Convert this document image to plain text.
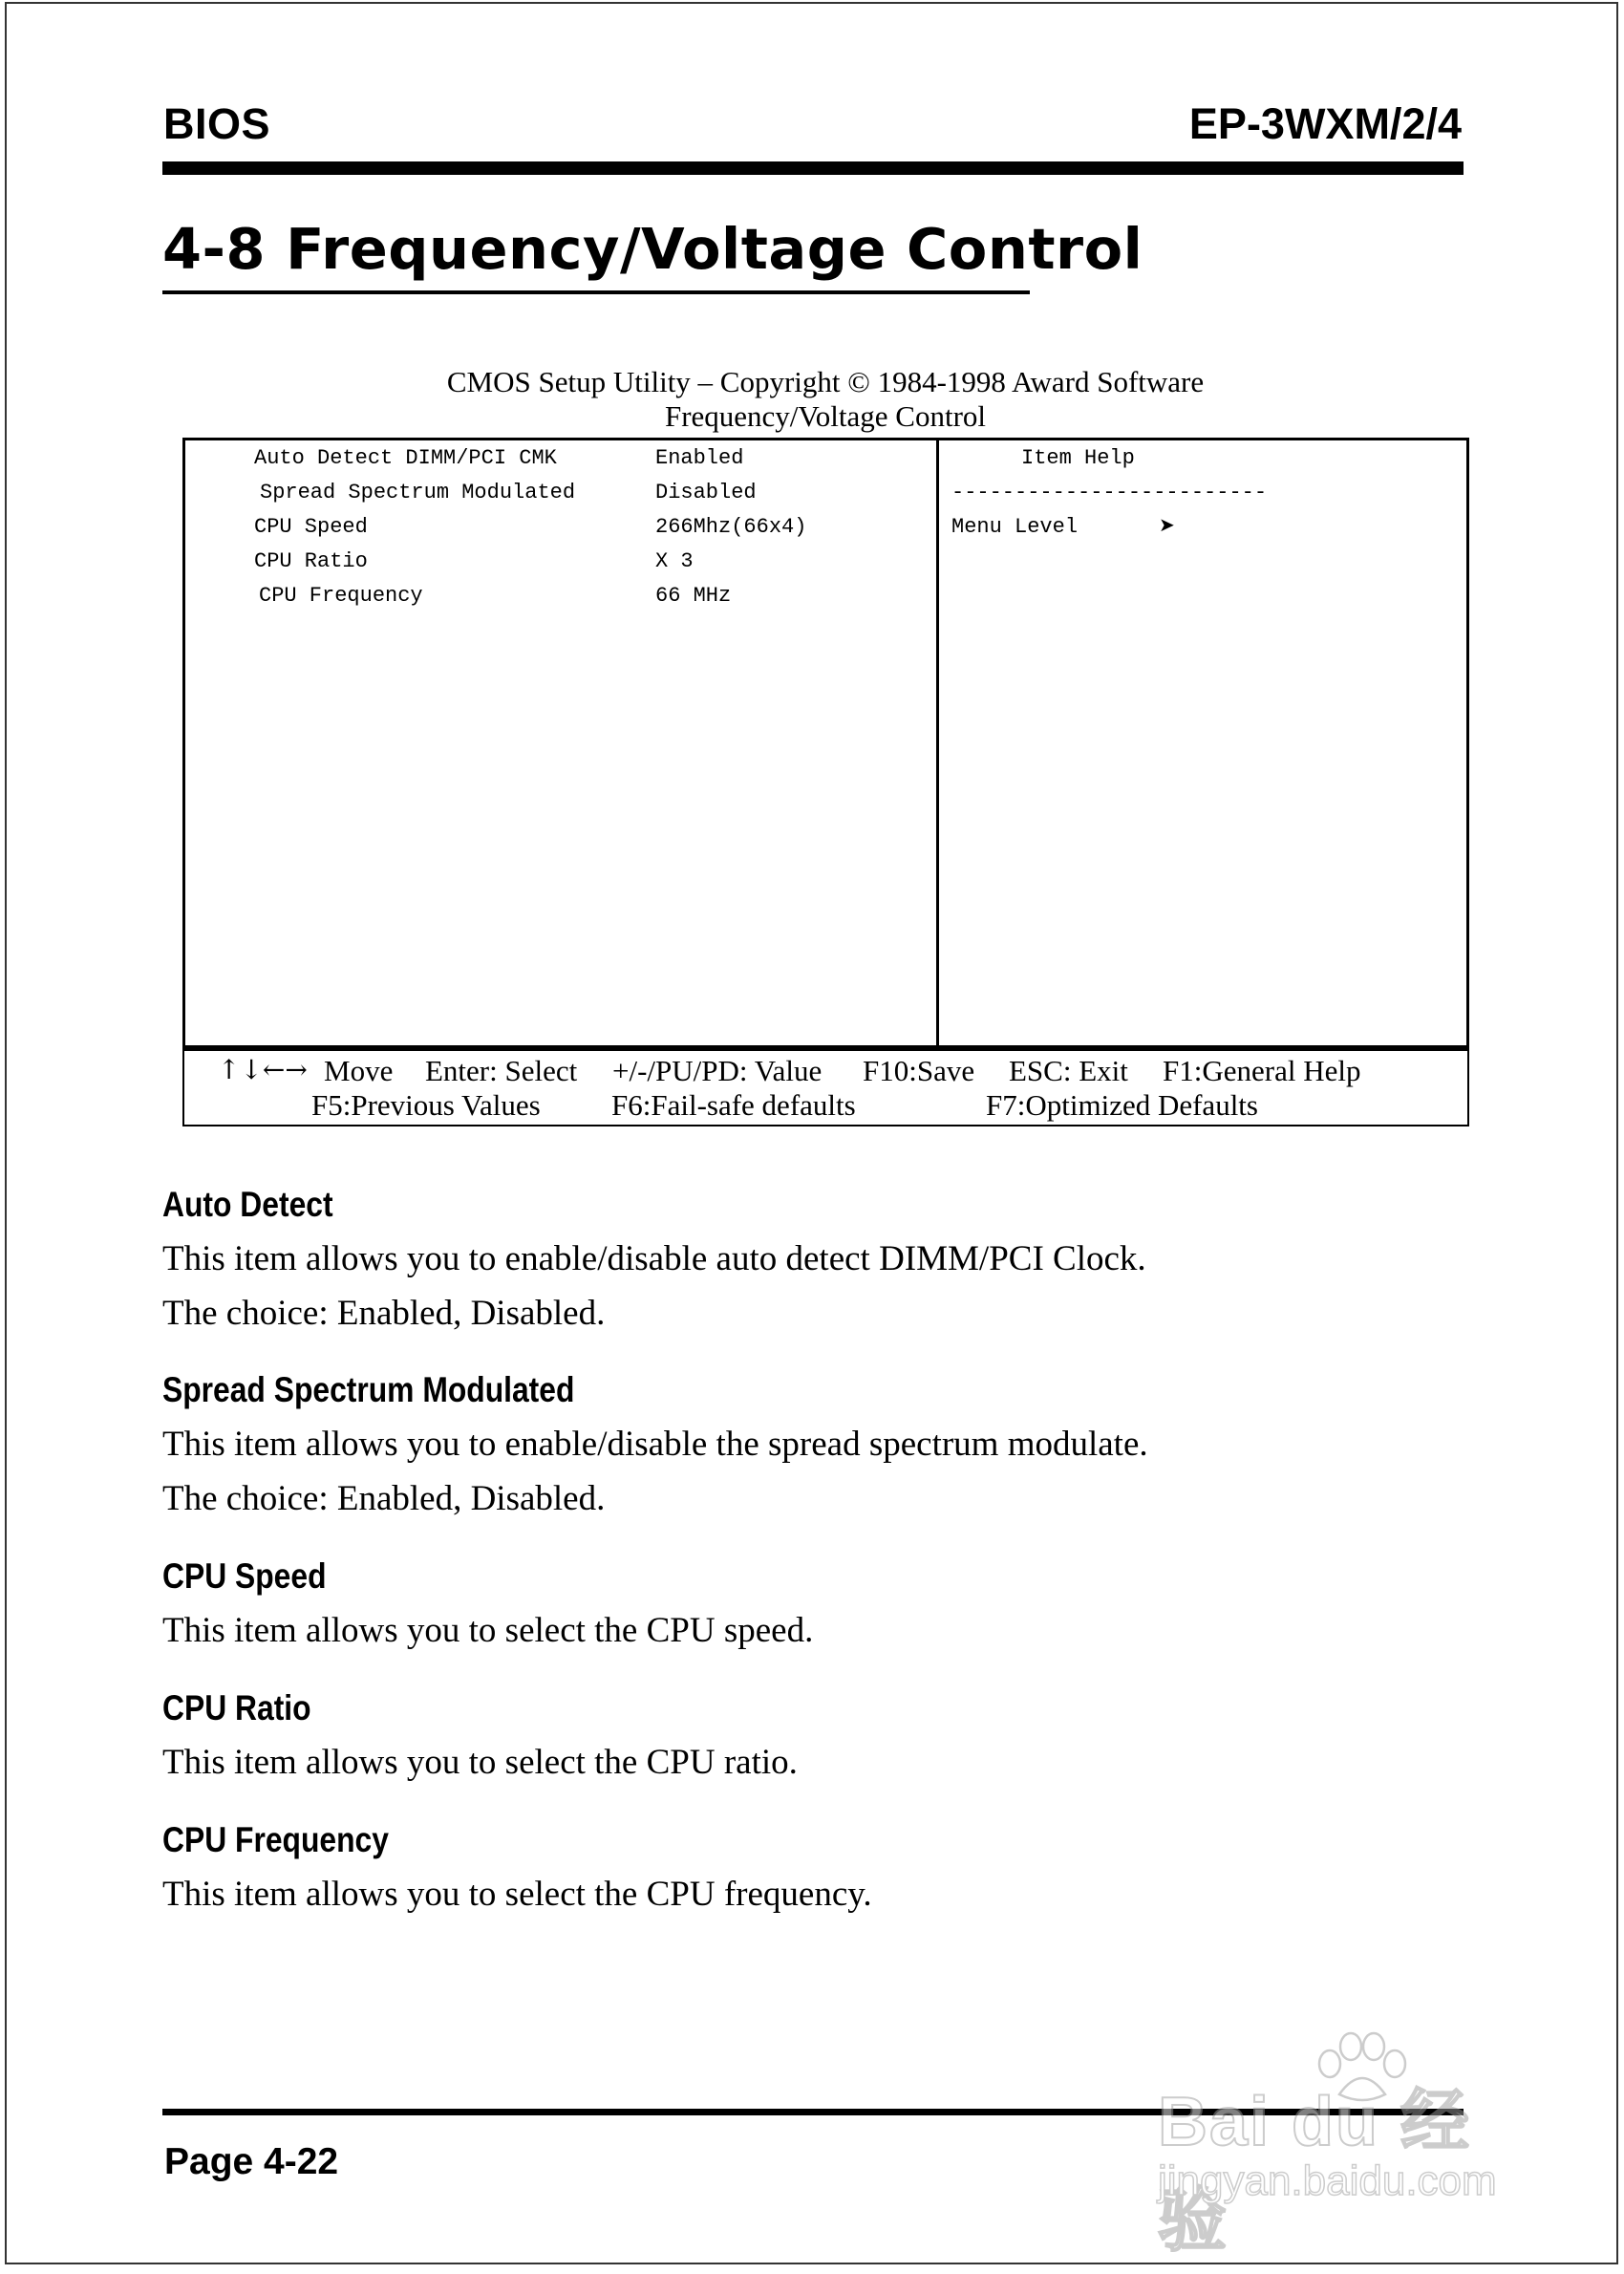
BIOS	EP-3WXM/2/4
4-8 Frequency/Voltage Control
CMOS Setup Utility – Copyright © 1984-1998 Award Software
Frequency/Voltage Control
Auto Detect DIMM/PCI CMK	Enabled
Spread Spectrum Modulated	Disabled
CPU Speed	266Mhz(66x4)
CPU Ratio	X 3
CPU Frequency	66 MHz
Item Help
-------------------------
Menu Level	➤
↑↓←→ Move Enter: Select +/-/PU/PD: Value F10:Save ESC: Exit F1:General Help
F5:Previous Values F6:Fail-safe defaults	F7:Optimized Defaults
Auto Detect
This item allows you to enable/disable auto detect DIMM/PCI Clock.
The choice: Enabled, Disabled.
Spread Spectrum Modulated
This item allows you to enable/disable the spread spectrum modulate.
The choice: Enabled, Disabled.
CPU Speed
This item allows you to select the CPU speed.
CPU Ratio
This item allows you to select the CPU ratio.
CPU Frequency
This item allows you to select the CPU frequency.
Page 4-22
Bai du 经验
jingyan.baidu.com
